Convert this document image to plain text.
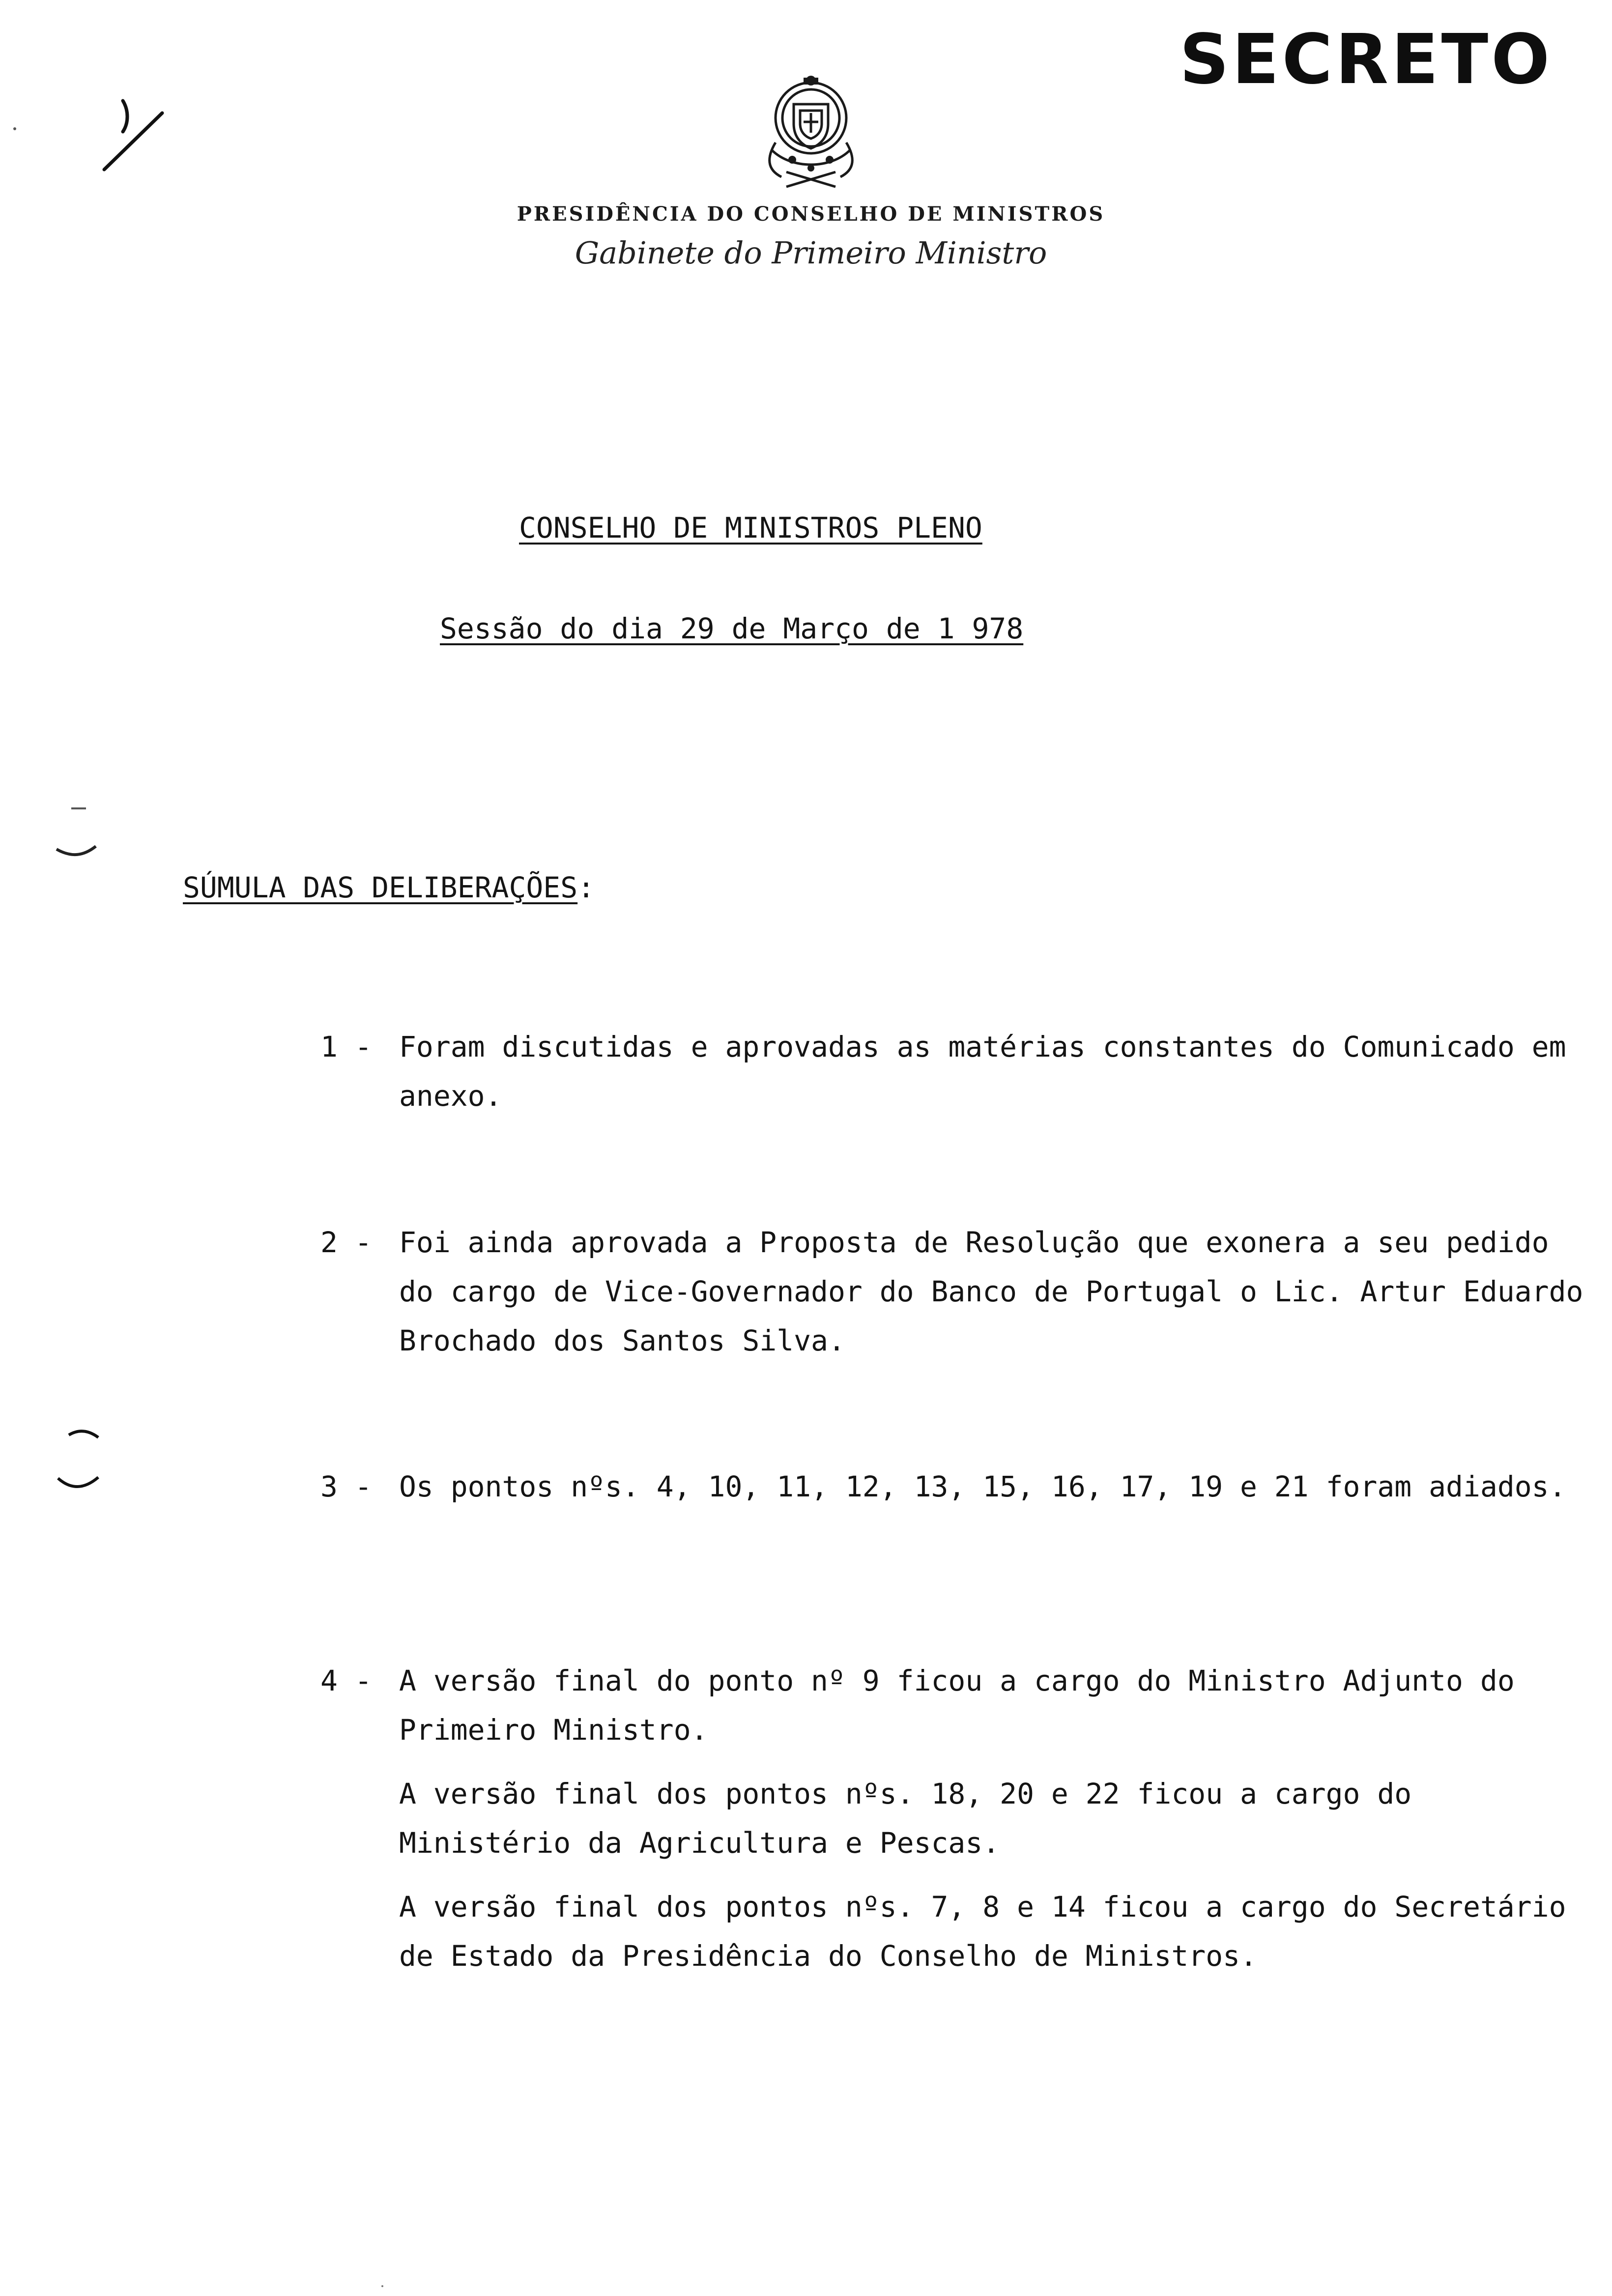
SECRETO
PRESIDÊNCIA DO CONSELHO DE MINISTROS
Gabinete do Primeiro Ministro
CONSELHO DE MINISTROS PLENO
Sessão do dia 29 de Março de 1 978
SÚMULA DAS DELIBERAÇÕES:
1 - Foram discutidas e aprovadas as matérias constantes do Comunicado em anexo.
2 - Foi ainda aprovada a Proposta de Resolução que exonera a seu pedido do cargo de Vice-Governador do Banco de Portugal o Lic. Artur Eduardo Brochado dos Santos Silva.
3 - Os pontos nºs. 4, 10, 11, 12, 13, 15, 16, 17, 19 e 21 foram adiados.
4 - A versão final do ponto nº 9 ficou a cargo do Ministro Adjunto do Primeiro Ministro.
A versão final dos pontos nºs. 18, 20 e 22 ficou a cargo do Ministério da Agricultura e Pescas.
A versão final dos pontos nºs. 7, 8 e 14 ficou a cargo do Secretário de Estado da Presidência do Conselho de Ministros.
